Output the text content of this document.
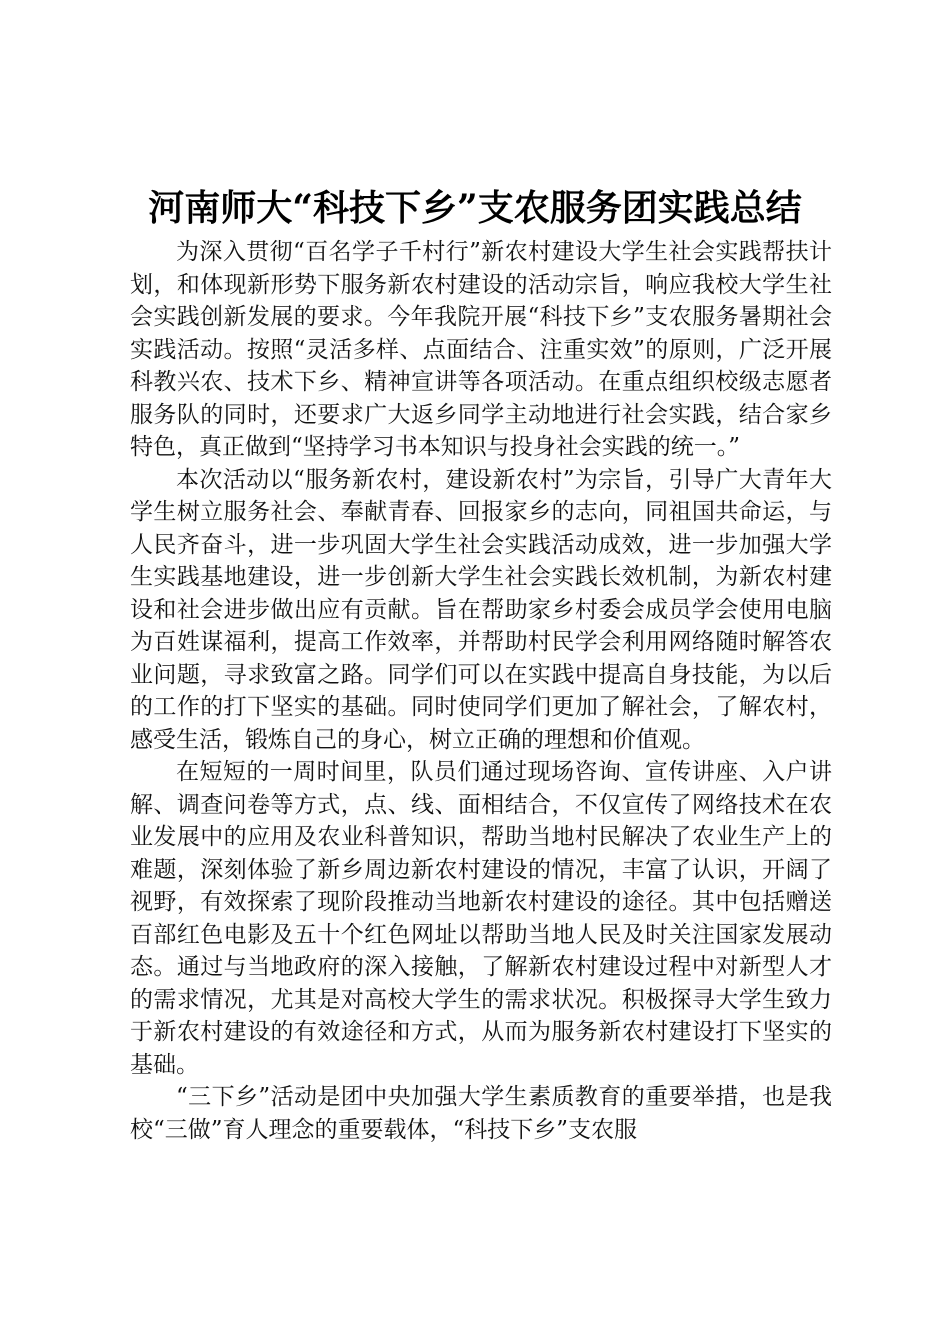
河南师大“科技下乡”支农服务团实践总结

为深入贯彻“百名学子千村行”新农村建设大学生社会实践帮扶计划，和体现新形势下服务新农村建设的活动宗旨，响应我校大学生社会实践创新发展的要求。今年我院开展“科技下乡”支农服务暑期社会实践活动。按照“灵活多样、点面结合、注重实效”的原则，广泛开展科教兴农、技术下乡、精神宣讲等各项活动。在重点组织校级志愿者服务队的同时，还要求广大返乡同学主动地进行社会实践，结合家乡特色，真正做到“坚持学习书本知识与投身社会实践的统一。”

本次活动以“服务新农村，建设新农村”为宗旨，引导广大青年大学生树立服务社会、奉献青春、回报家乡的志向，同祖国共命运，与人民齐奋斗，进一步巩固大学生社会实践活动成效，进一步加强大学生实践基地建设，进一步创新大学生社会实践长效机制，为新农村建设和社会进步做出应有贡献。旨在帮助家乡村委会成员学会使用电脑为百姓谋福利，提高工作效率，并帮助村民学会利用网络随时解答农业问题，寻求致富之路。同学们可以在实践中提高自身技能，为以后的工作的打下坚实的基础。同时使同学们更加了解社会，了解农村，感受生活，锻炼自己的身心，树立正确的理想和价值观。

在短短的一周时间里，队员们通过现场咨询、宣传讲座、入户讲解、调查问卷等方式，点、线、面相结合，不仅宣传了网络技术在农业发展中的应用及农业科普知识，帮助当地村民解决了农业生产上的难题，深刻体验了新乡周边新农村建设的情况，丰富了认识，开阔了视野，有效探索了现阶段推动当地新农村建设的途径。其中包括赠送百部红色电影及五十个红色网址以帮助当地人民及时关注国家发展动态。通过与当地政府的深入接触，了解新农村建设过程中对新型人才的需求情况，尤其是对高校大学生的需求状况。积极探寻大学生致力于新农村建设的有效途径和方式，从而为服务新农村建设打下坚实的基础。

“三下乡”活动是团中央加强大学生素质教育的重要举措，也是我校“三做”育人理念的重要载体，“科技下乡”支农服
